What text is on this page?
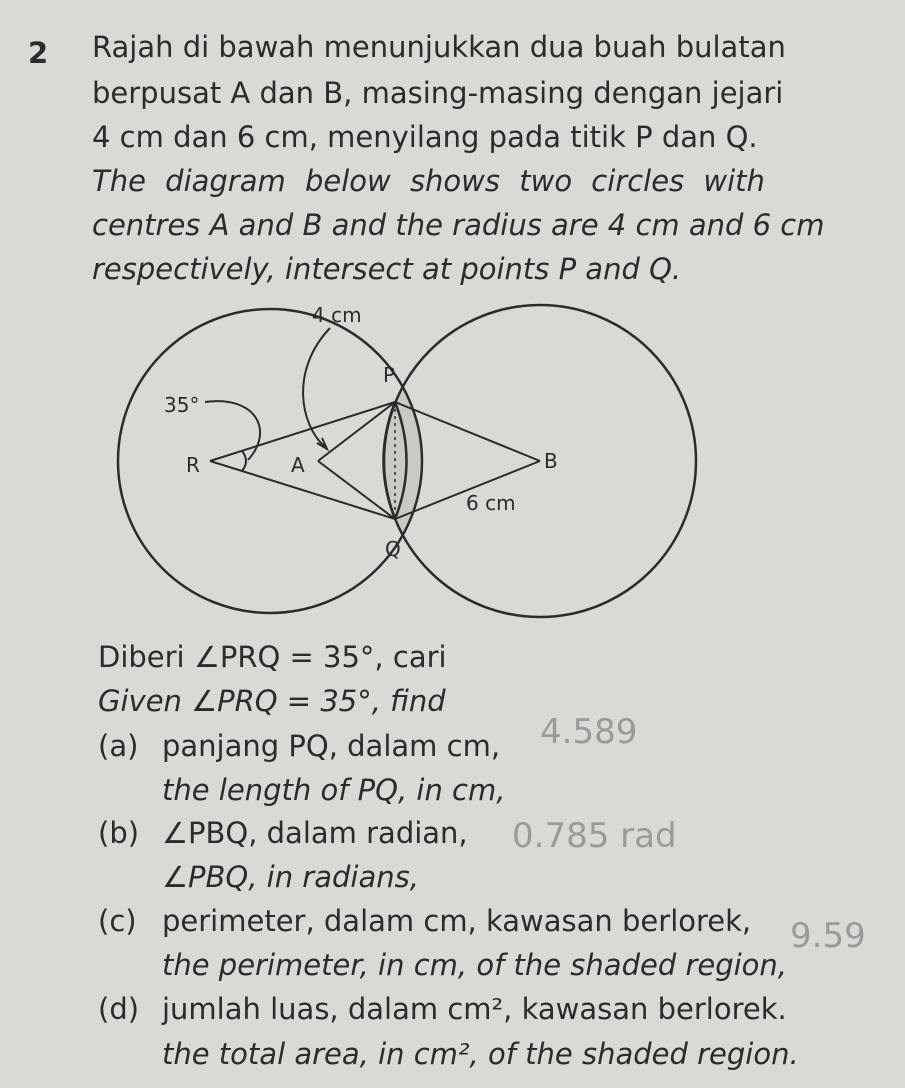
2 Rajah di bawah menunjukkan dua buah bulatan
berpusat A dan B, masing-masing dengan jejari
4 cm dan 6 cm, menyilang pada titik P dan Q.
The diagram below shows two circles with
centres A and B and the radius are 4 cm and 6 cm
respectively, intersect at points P and Q.
4 cm
P
35°
R	A	B
6 cm
Q
Diberi ∠PRQ = 35°, cari
Given ∠PRQ = 35°, find
(a) panjang PQ, dalam cm,
the length of PQ, in cm,
(b) ∠PBQ, dalam radian,
∠PBQ, in radians,
(c) perimeter, dalam cm, kawasan berlorek,
the perimeter, in cm, of the shaded region,
(d) jumlah luas, dalam cm², kawasan berlorek.
the total area, in cm², of the shaded region.
4.589
0.785 rad
9.59
